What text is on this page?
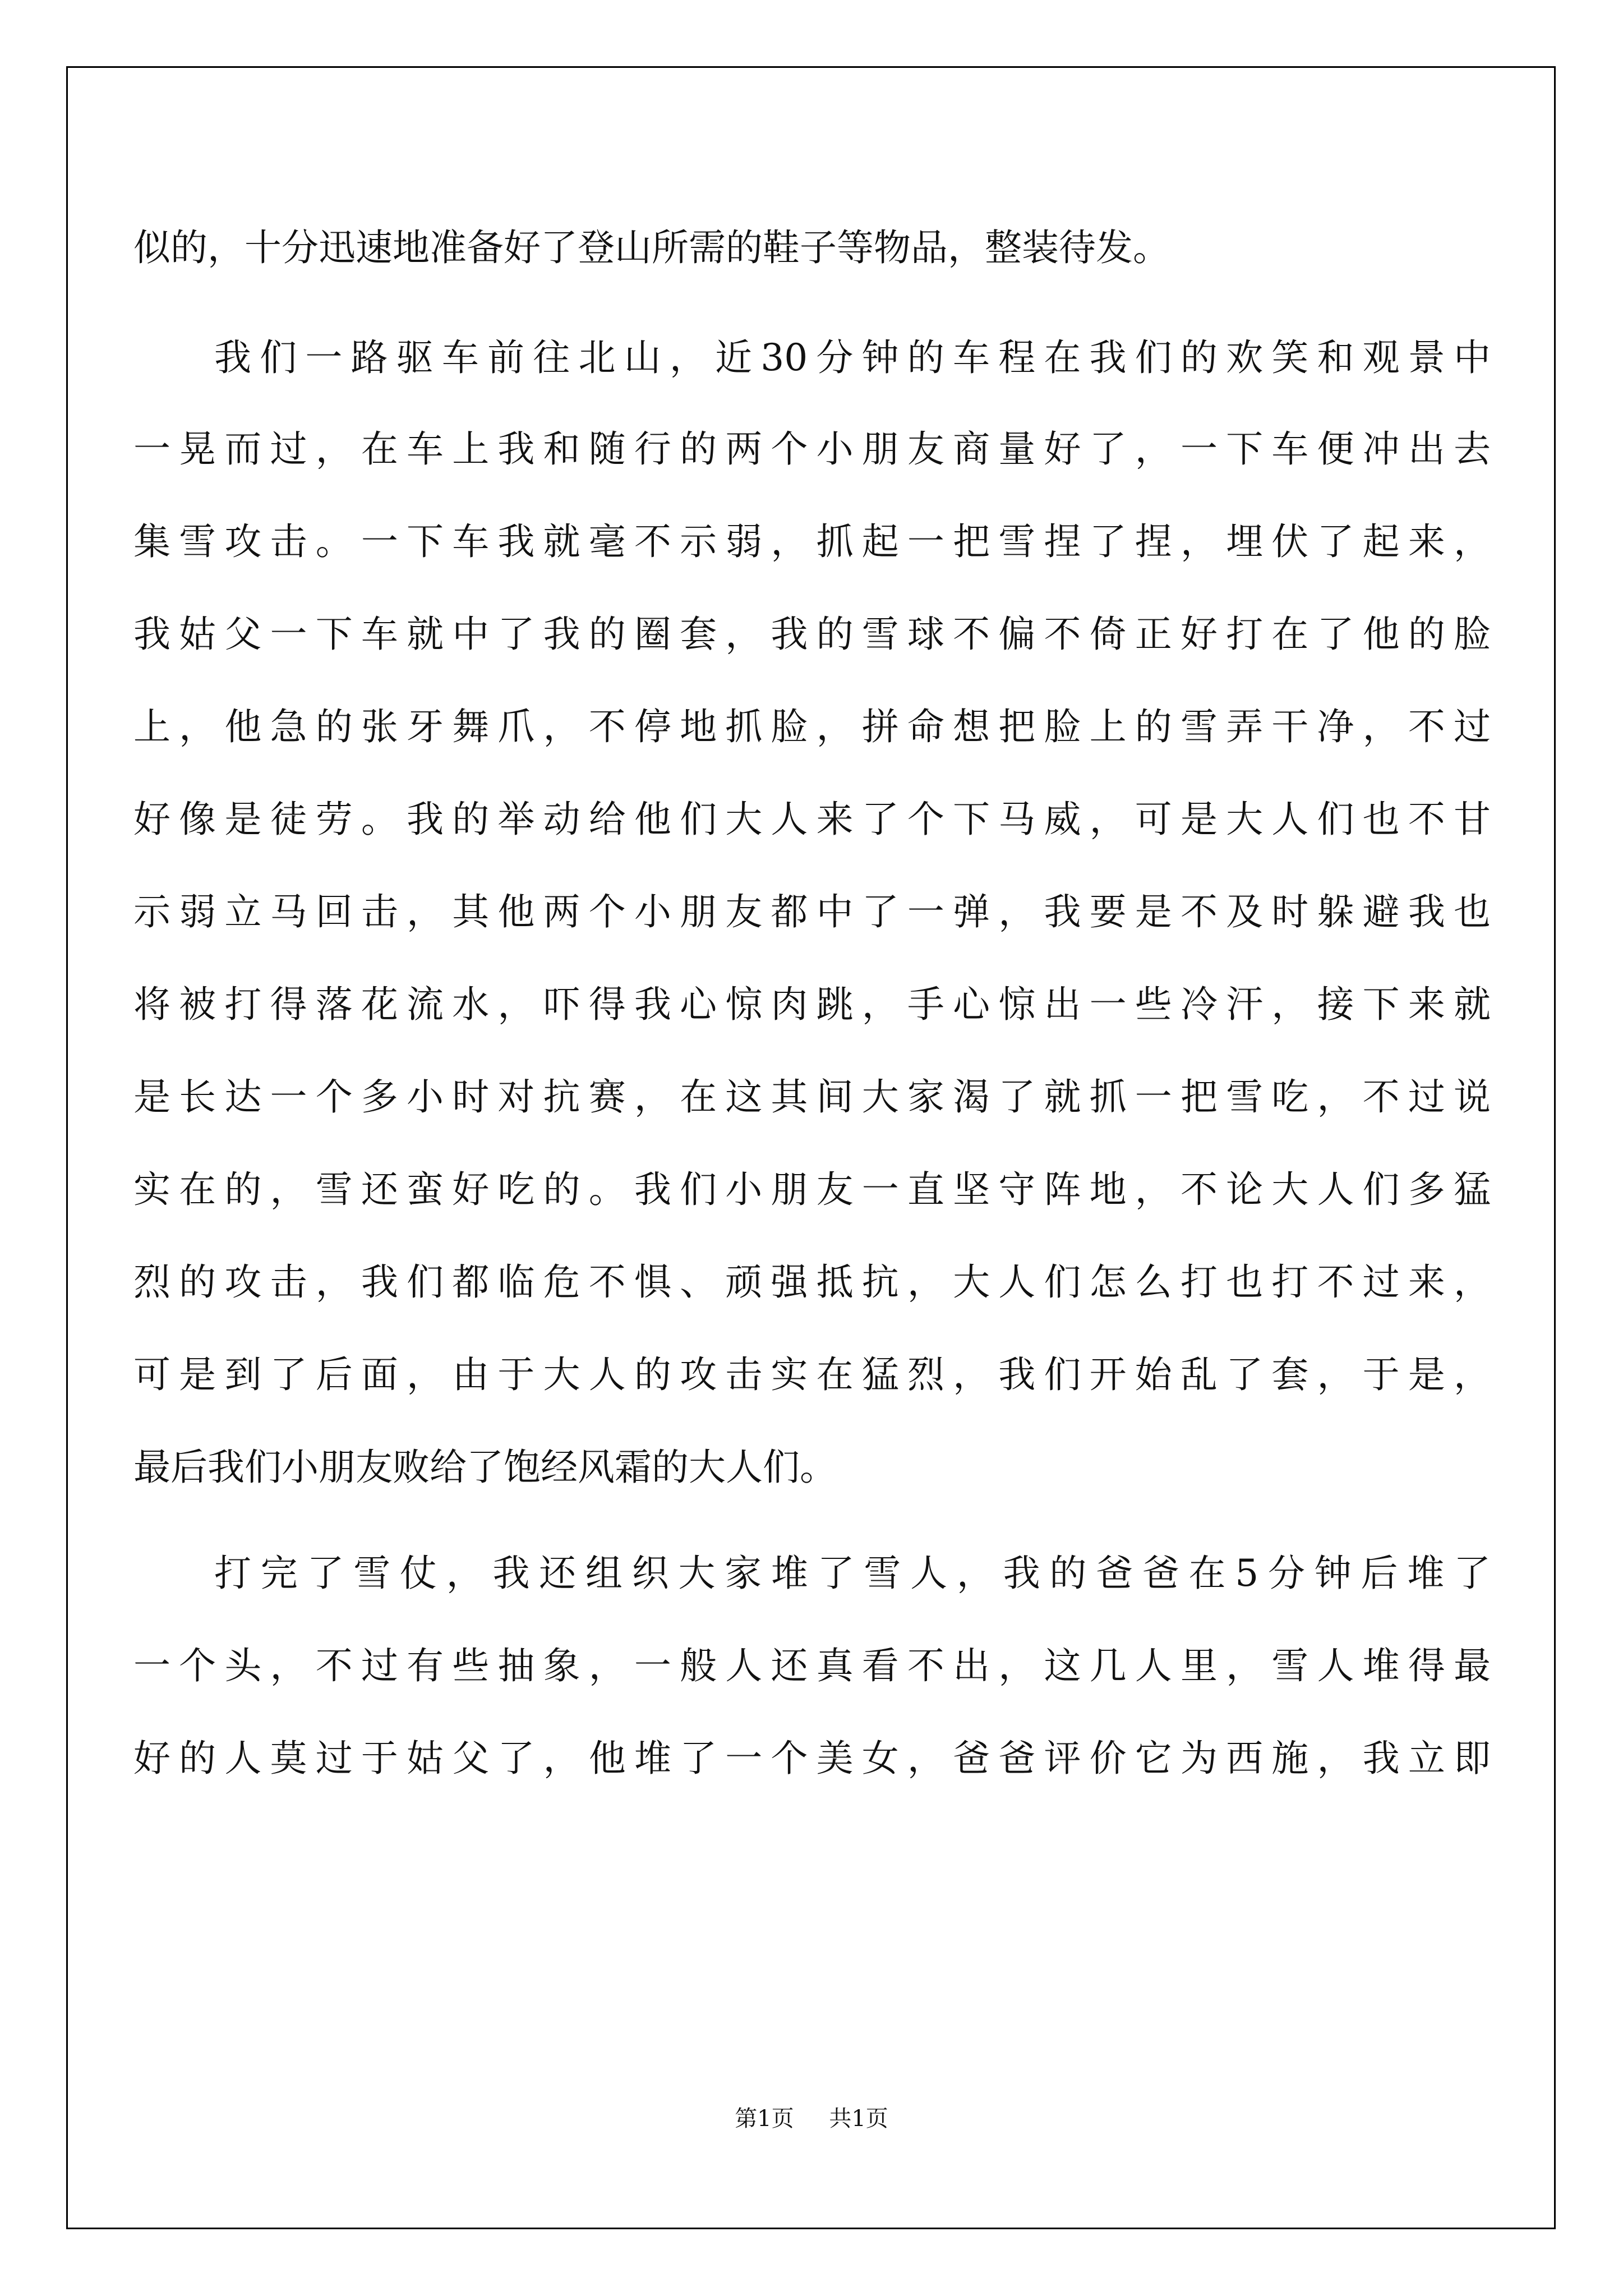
似的，十分迅速地准备好了登山所需的鞋子等物品，整装待发。
我们一路驱车前往北山，近30分钟的车程在我们的欢笑和观景中
一晃而过，在车上我和随行的两个小朋友商量好了，一下车便冲出去
集雪攻击。一下车我就毫不示弱，抓起一把雪捏了捏，埋伏了起来，
我姑父一下车就中了我的圈套，我的雪球不偏不倚正好打在了他的脸
上，他急的张牙舞爪，不停地抓脸，拼命想把脸上的雪弄干净，不过
好像是徒劳。我的举动给他们大人来了个下马威，可是大人们也不甘
示弱立马回击，其他两个小朋友都中了一弹，我要是不及时躲避我也
将被打得落花流水，吓得我心惊肉跳，手心惊出一些冷汗，接下来就
是长达一个多小时对抗赛，在这其间大家渴了就抓一把雪吃，不过说
实在的，雪还蛮好吃的。我们小朋友一直坚守阵地，不论大人们多猛
烈的攻击，我们都临危不惧、顽强抵抗，大人们怎么打也打不过来，
可是到了后面，由于大人的攻击实在猛烈，我们开始乱了套，于是，
最后我们小朋友败给了饱经风霜的大人们。
打完了雪仗，我还组织大家堆了雪人，我的爸爸在5分钟后堆了
一个头，不过有些抽象，一般人还真看不出，这几人里，雪人堆得最
好的人莫过于姑父了，他堆了一个美女，爸爸评价它为西施，我立即
第1页 共1页
